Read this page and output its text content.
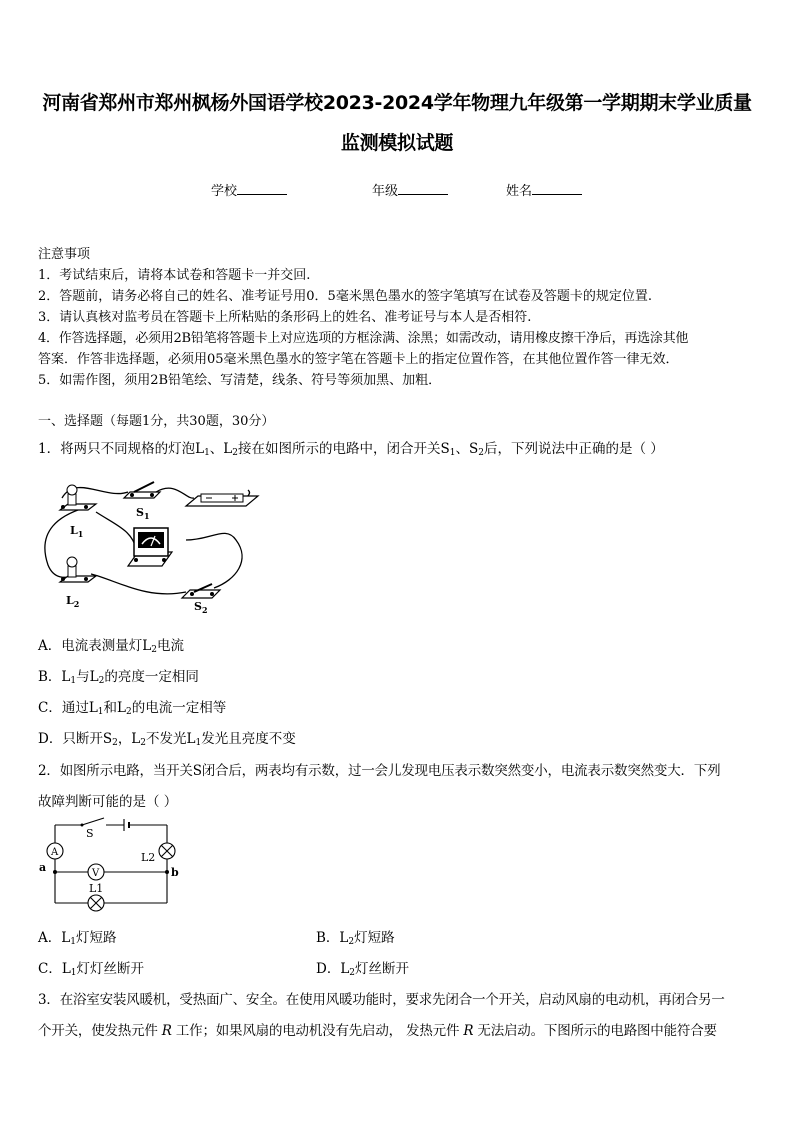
河南省郑州市郑州枫杨外国语学校2023-2024学年物理九年级第一学期期末学业质量
监测模拟试题
学校	年级	姓名
注意事项
1．考试结束后，请将本试卷和答题卡一并交回.
2．答题前，请务必将自己的姓名、准考证号用0．5毫米黑色墨水的签字笔填写在试卷及答题卡的规定位置.
3．请认真核对监考员在答题卡上所粘贴的条形码上的姓名、准考证号与本人是否相符.
4．作答选择题，必须用2B铅笔将答题卡上对应选项的方框涂满、涂黑；如需改动，请用橡皮擦干净后，再选涂其他
答案．作答非选择题，必须用05毫米黑色墨水的签字笔在答题卡上的指定位置作答，在其他位置作答一律无效．
5．如需作图，须用2B铅笔绘、写清楚，线条、符号等须加黑、加粗．
一、选择题（每题1分，共30题，30分）
1．将两只不同规格的灯泡$L_1$、$L_2$接在如图所示的电路中，闭合开关$S_1$、$S_2$后，下列说法中正确的是（ ）
$S_1$
$L_1$
$L_2$	$S_2$
A．电流表测量灯$L_2$电流
B．$L_1$与$L_2$的亮度一定相同
C．通过$L_1$和$L_2$的电流一定相等
D．只断开$S_2$，$L_2$不发光$L_1$发光且亮度不变
2．如图所示电路，当开关S闭合后，两表均有示数，过一会儿发现电压表示数突然变小，电流表示数突然变大．下列
故障判断可能的是（ ）
S
A
V
a	b
L2
L1
A．$L_1$灯短路	B．$L_2$灯短路
C．$L_1$灯灯丝断开	D．$L_2$灯丝断开
3．在浴室安装风暖机，受热面广、安全。在使用风暖功能时，要求先闭合一个开关，启动风扇的电动机，再闭合另一
个开关，使发热元件 R 工作；如果风扇的电动机没有先启动， 发热元件 R 无法启动。下图所示的电路图中能符合要
